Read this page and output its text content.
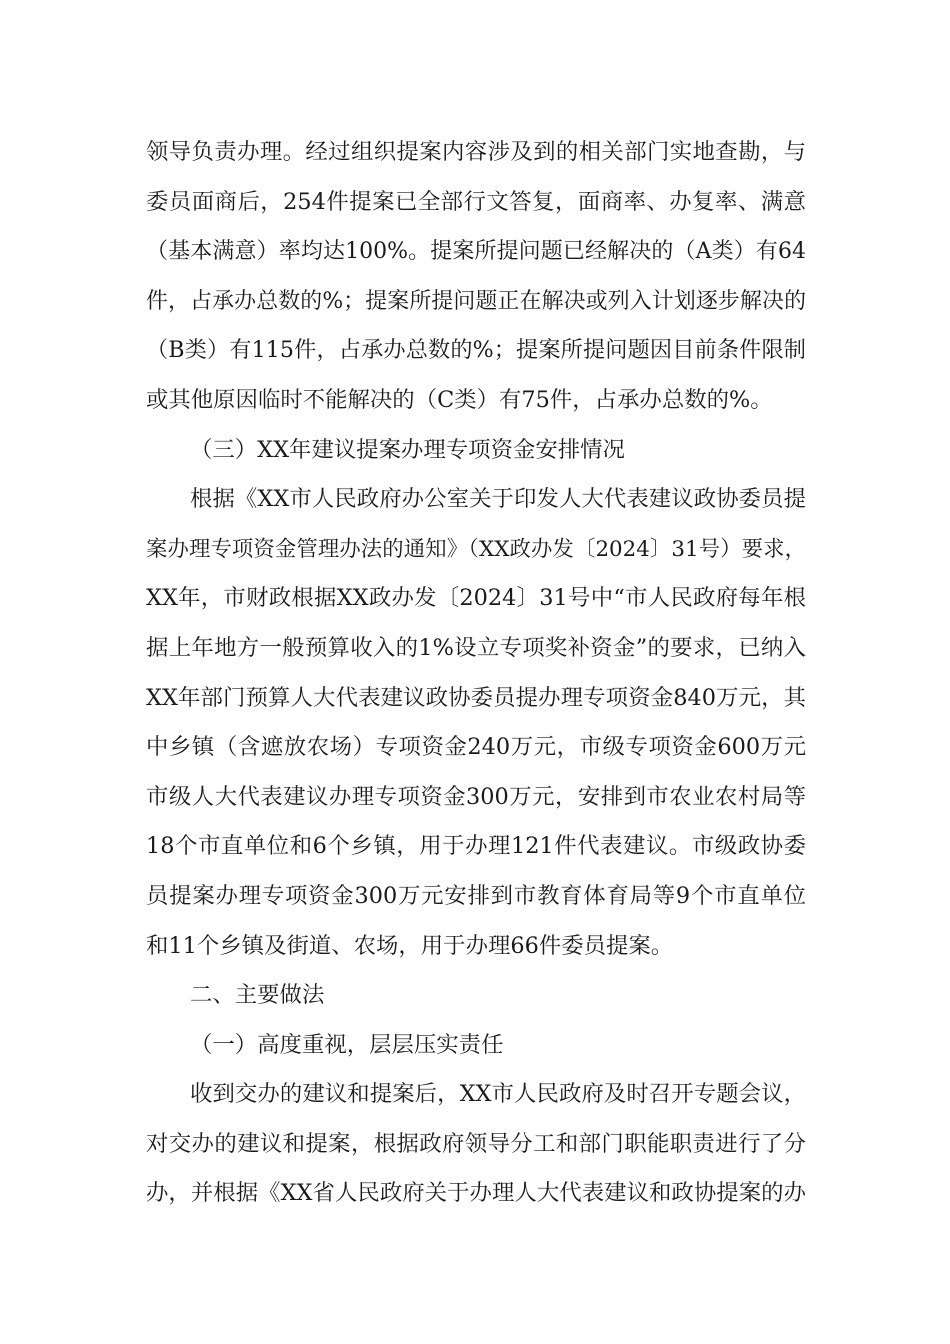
领导负责办理。经过组织提案内容涉及到的相关部门实地查勘，与
委员面商后，254件提案已全部行文答复，面商率、办复率、满意
（基本满意）率均达100%。提案所提问题已经解决的（A类）有64
件，占承办总数的%；提案所提问题正在解决或列入计划逐步解决的
（B类）有115件，占承办总数的%；提案所提问题因目前条件限制
或其他原因临时不能解决的（C类）有75件，占承办总数的%。
（三）XX年建议提案办理专项资金安排情况
根据《XX市人民政府办公室关于印发人大代表建议政协委员提
案办理专项资金管理办法的通知》（XX政办发〔2024〕31号）要求，
XX年，市财政根据XX政办发〔2024〕31号中“市人民政府每年根
据上年地方一般预算收入的1%设立专项奖补资金”的要求，已纳入
XX年部门预算人大代表建议政协委员提办理专项资金840万元，其
中乡镇（含遮放农场）专项资金240万元，市级专项资金600万元
市级人大代表建议办理专项资金300万元，安排到市农业农村局等
18个市直单位和6个乡镇，用于办理121件代表建议。市级政协委
员提案办理专项资金300万元安排到市教育体育局等9个市直单位
和11个乡镇及街道、农场，用于办理66件委员提案。
二、主要做法
（一）高度重视，层层压实责任
收到交办的建议和提案后，XX市人民政府及时召开专题会议，
对交办的建议和提案，根据政府领导分工和部门职能职责进行了分
办，并根据《XX省人民政府关于办理人大代表建议和政协提案的办
